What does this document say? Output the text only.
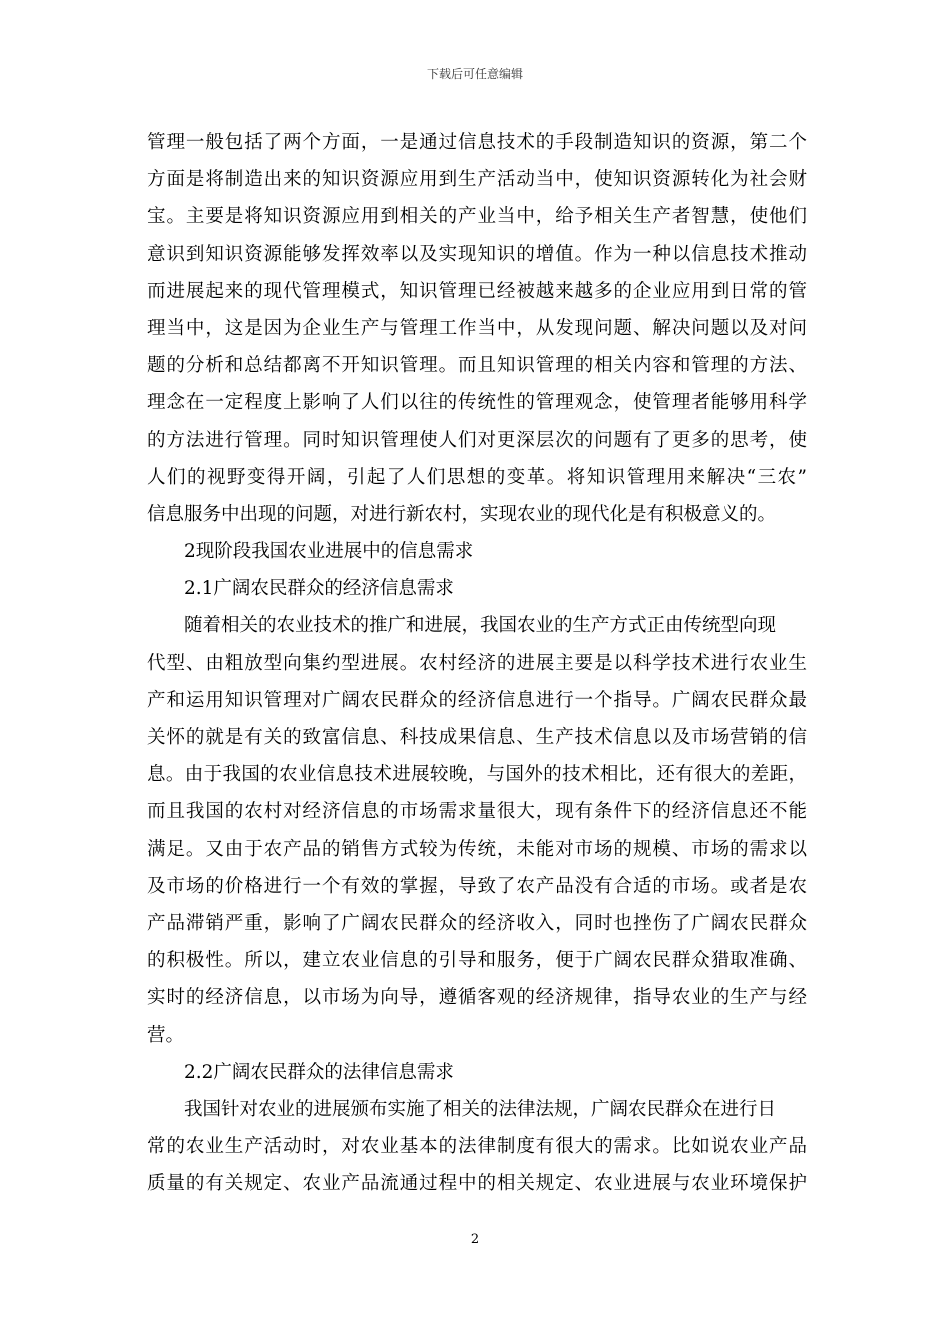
下载后可任意编辑
管理一般包括了两个方面，一是通过信息技术的手段制造知识的资源，第二个
方面是将制造出来的知识资源应用到生产活动当中，使知识资源转化为社会财
宝。主要是将知识资源应用到相关的产业当中，给予相关生产者智慧，使他们
意识到知识资源能够发挥效率以及实现知识的增值。作为一种以信息技术推动
而进展起来的现代管理模式，知识管理已经被越来越多的企业应用到日常的管
理当中，这是因为企业生产与管理工作当中，从发现问题、解决问题以及对问
题的分析和总结都离不开知识管理。而且知识管理的相关内容和管理的方法、
理念在一定程度上影响了人们以往的传统性的管理观念，使管理者能够用科学
的方法进行管理。同时知识管理使人们对更深层次的问题有了更多的思考，使
人们的视野变得开阔，引起了人们思想的变革。将知识管理用来解决“三农”
信息服务中出现的问题，对进行新农村，实现农业的现代化是有积极意义的。
2现阶段我国农业进展中的信息需求
2.1广阔农民群众的经济信息需求
随着相关的农业技术的推广和进展，我国农业的生产方式正由传统型向现
代型、由粗放型向集约型进展。农村经济的进展主要是以科学技术进行农业生
产和运用知识管理对广阔农民群众的经济信息进行一个指导。广阔农民群众最
关怀的就是有关的致富信息、科技成果信息、生产技术信息以及市场营销的信
息。由于我国的农业信息技术进展较晚，与国外的技术相比，还有很大的差距，
而且我国的农村对经济信息的市场需求量很大，现有条件下的经济信息还不能
满足。又由于农产品的销售方式较为传统，未能对市场的规模、市场的需求以
及市场的价格进行一个有效的掌握，导致了农产品没有合适的市场。或者是农
产品滞销严重，影响了广阔农民群众的经济收入，同时也挫伤了广阔农民群众
的积极性。所以，建立农业信息的引导和服务，便于广阔农民群众猎取准确、
实时的经济信息，以市场为向导，遵循客观的经济规律，指导农业的生产与经
营。
2.2广阔农民群众的法律信息需求
我国针对农业的进展颁布实施了相关的法律法规，广阔农民群众在进行日
常的农业生产活动时，对农业基本的法律制度有很大的需求。比如说农业产品
质量的有关规定、农业产品流通过程中的相关规定、农业进展与农业环境保护
2
